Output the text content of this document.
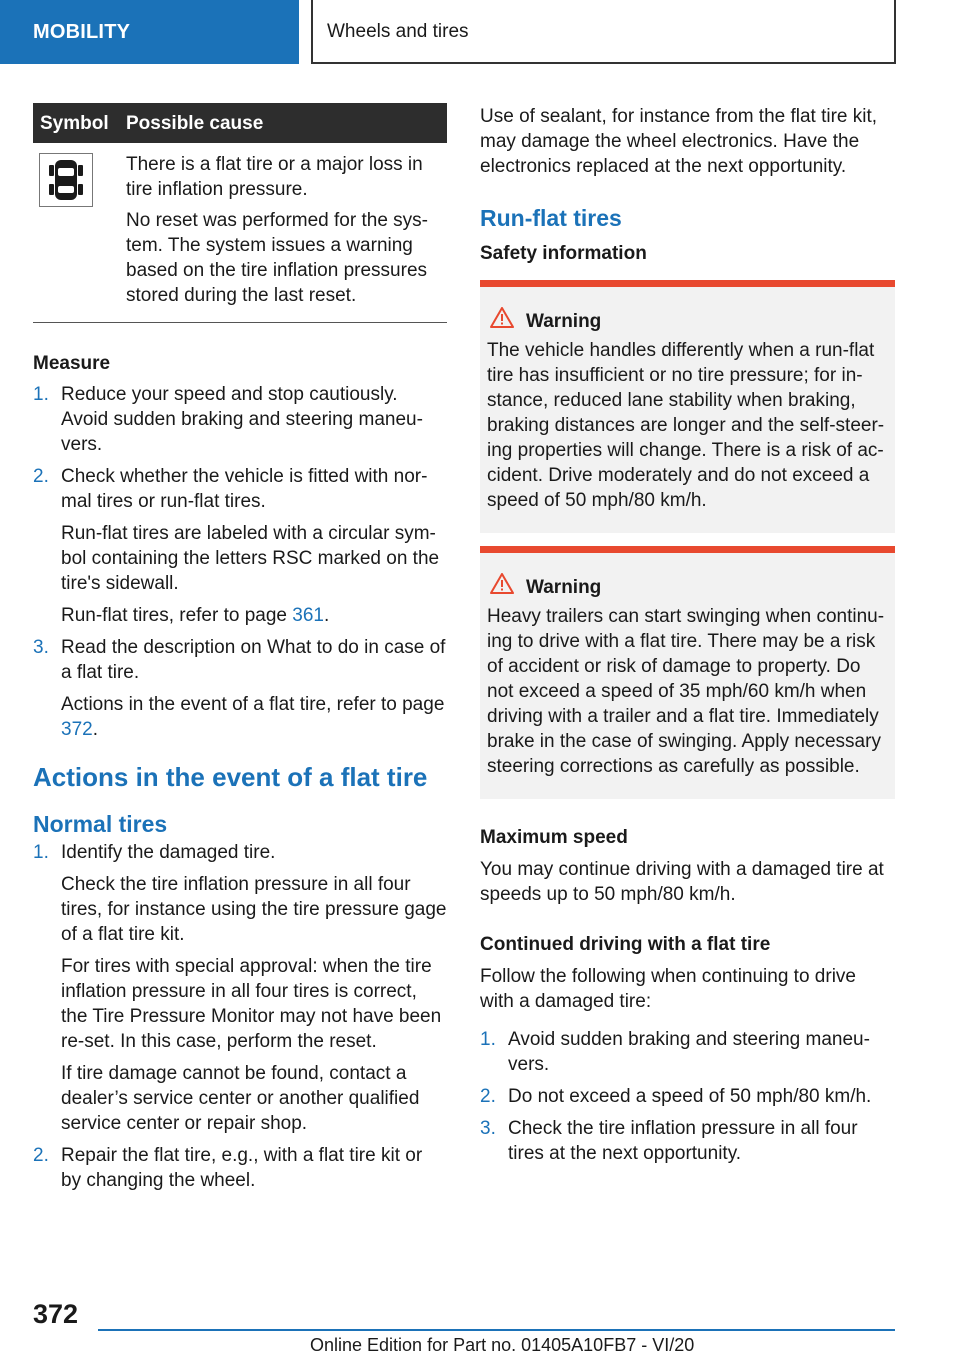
MOBILITY	Wheels and tires
Symbol	Possible cause

There is a flat tire or a major loss in tire inflation pressure.

No reset was performed for the sys-tem. The system issues a warning based on the tire inflation pressures stored during the last reset.

Measure

1. Reduce your speed and stop cautiously. Avoid sudden braking and steering maneu-vers.

2. Check whether the vehicle is fitted with nor-mal tires or run-flat tires.

Run-flat tires are labeled with a circular sym-bol containing the letters RSC marked on the tire's sidewall.

Run-flat tires, refer to page 361.

3. Read the description on What to do in case of a flat tire.

Actions in the event of a flat tire, refer to page 372.

Actions in the event of a flat tire
Normal tires
1. Identify the damaged tire.

Check the tire inflation pressure in all four tires, for instance using the tire pressure gage of a flat tire kit.

For tires with special approval: when the tire inflation pressure in all four tires is correct, the Tire Pressure Monitor may not have been re-set. In this case, perform the reset.

If tire damage cannot be found, contact a dealer’s service center or another qualified service center or repair shop.

2. Repair the flat tire, e.g., with a flat tire kit or by changing the wheel.

Use of sealant, for instance from the flat tire kit, may damage the wheel electronics. Have the electronics replaced at the next opportunity.

Run-flat tires

Safety information

Warning

The vehicle handles differently when a run-flat tire has insufficient or no tire pressure; for in-stance, reduced lane stability when braking, braking distances are longer and the self-steer-ing properties will change. There is a risk of ac-cident. Drive moderately and do not exceed a speed of 50 mph/80 km/h.

Warning

Heavy trailers can start swinging when continu-ing to drive with a flat tire. There may be a risk of accident or risk of damage to property. Do not exceed a speed of 35 mph/60 km/h when driving with a trailer and a flat tire. Immediately brake in the case of swinging. Apply necessary steering corrections as carefully as possible.

Maximum speed

You may continue driving with a damaged tire at speeds up to 50 mph/80 km/h.

Continued driving with a flat tire

Follow the following when continuing to drive with a damaged tire:

1. Avoid sudden braking and steering maneu-vers.

2. Do not exceed a speed of 50 mph/80 km/h.

3. Check the tire inflation pressure in all four tires at the next opportunity.

372
Online Edition for Part no. 01405A10FB7 - VI/20
